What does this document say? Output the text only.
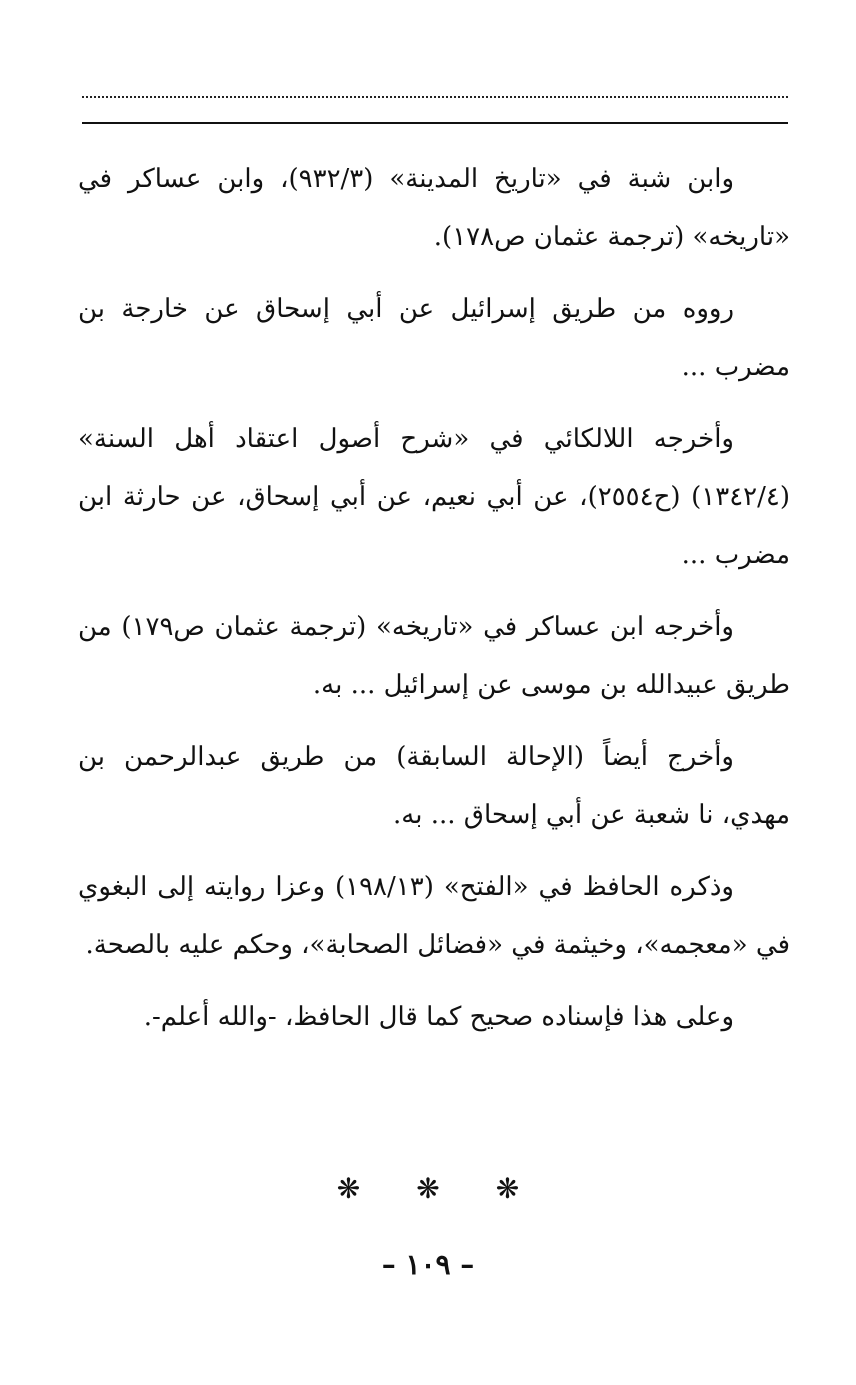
وابن شبة في «تاريخ المدينة» (٩٣٢/٣)، وابن عساكر في «تاريخه» (ترجمة عثمان ص١٧٨).

رووه من طريق إسرائيل عن أبي إسحاق عن خارجة بن مضرب ...

وأخرجه اللالكائي في «شرح أصول اعتقاد أهل السنة» (١٣٤٢/٤) (ح٢٥٥٤)، عن أبي نعيم، عن أبي إسحاق، عن حارثة ابن مضرب ...

وأخرجه ابن عساكر في «تاريخه» (ترجمة عثمان ص١٧٩) من طريق عبيدالله بن موسى عن إسرائيل ... به.

وأخرج أيضاً (الإحالة السابقة) من طريق عبدالرحمن بن مهدي، نا شعبة عن أبي إسحاق ... به.

وذكره الحافظ في «الفتح» (١٩٨/١٣) وعزا روايته إلى البغوي في «معجمه»، وخيثمة في «فضائل الصحابة»، وحكم عليه بالصحة.

وعلى هذا فإسناده صحيح كما قال الحافظ، -والله أعلم-.

❋ ❋ ❋
– ١٠٩ –
